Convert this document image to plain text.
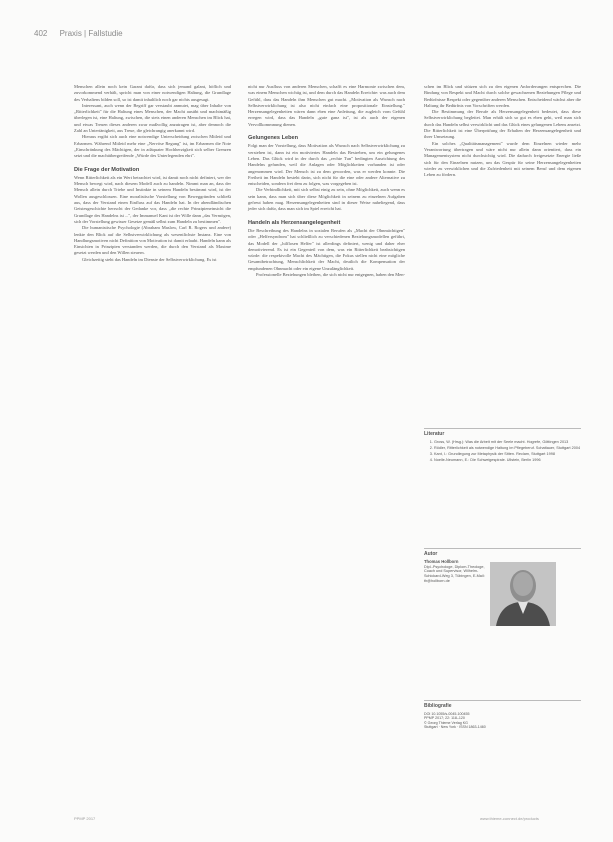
402 Praxis | Fallstudie

Menschen allein noch kein Garant dafür, dass sich jemand galant, höflich und zuvorkommend verhält, spricht man von einer notwendigen Haltung, die Grundlage des Verhaltens bilden soll, so ist damit inhaltlich noch gar nichts ausgesagt.

Interessant, auch wenn der Begriff gar verstaubt anmutet, mag über Inhalte von „Ritterlichkeit" für die Haltung eines Menschen, der Macht ausübt und machtmäßig überlegen ist, eine Haltung, zwischen, die stets einen anderen Menschen im Blick hat, und etwas Treuen dieses anderen zwar maßvollig anzutragen ist, aber dennoch die Zahl an Untertänigkeit, aus Treue, die gleichrangig anerkannt wird.

Hieraus ergibt sich auch eine notwendige Unterscheidung zwischen Mitleid und Erbarmen. Während Mitleid mehr eine „Nervöse Regung" ist, im Erbarmen die Note „Einschränkung des Mächtigen, der in adäquater Hochherzigkeit sich selber Grenzen setzt und die machtübergreifende „Würde des Unterlegenden ehrt".

Die Frage der Motivation

Wenn Ritterlichkeit als ein Wert betrachtet wird, ist damit noch nicht definiert, wer der Mensch bewegt wird, nach diesem Modell auch zu handeln. Nimmt man an, dass der Mensch allein durch Triebe und Instinkte in seinem Handeln bestimmt wird, ist der Wollen ausgeschlossen. Eine moralistische Vorstellung von Beweggründen schließt aus, dass der Verstand einen Einfluss auf das Handeln hat. In der abendländischen Geistesgeschichte herrscht der Gedanke vor, dass „die rechte Prinzipieneinsicht die Grundlage des Handelns ist ...", der Immanuel Kant ist der Wille dann „das Vermögen, sich der Vorstellung gewisser Gesetze gemäß selbst zum Handeln zu bestimmen".

Die humanistische Psychologie (Abraham Maslow, Carl R. Rogers und andere) lenkte den Blick auf die Selbstverwirklichung als wesentlichste Instanz. Eine von Handlungsmotiven nicht Definition von Motivation ist damit erlaubt. Handeln kann als Einsichten in Prinzipien verstanden werden, die durch den Verstand als Maxime gesetzt werden und den Willen steuern.

Gleichzeitig steht das Handeln im Dienste der Selbstverwirklichung. Es ist

nicht nur Ausfluss von anderen Menschen, schafft es eine Harmonie zwischen dem, was einem Menschen wichtig ist, und dem durch das Handeln Erreichte: was auch dem Gefühl, dass das Handeln ihm Menschen gut macht. „Motivation als Wunsch nach Selbstverwirklichung ist also nicht einfach eine propositionale Einstellung." Herzensangelegenheiten wären dann eben eine Anleitung, die zugleich vom Gefühl erregen wird, dass das Handeln „gute ganz ist", ist als auch der eigenen Vervollkommnung dienen.

Gelungenes Leben

Folgt man der Vorstellung, dass Motivation als Wunsch nach Selbstverwirklichung zu verstehen ist, dann ist ein motiviertes Handeln das Bestreben, um ein gelungenes Leben. Das Glück wird in der durch das „rechte Tun" bedingten Ausrichtung des Handelns gefunden, weil die Anlagen oder Möglichkeiten vorhanden ist oder angenommen wird. Der Mensch ist zu dem geworden, was er werden konnte. Die Freiheit im Handeln besteht darin, sich nicht für die eine oder andere Alternative zu entscheiden, sondern frei dem zu folgen, was vorgegeben ist.

Die Verbindlichkeit, mit sich selbst einig zu sein, ohne Möglichkeit, auch wenn es sein kann, dass man sich über diese Möglichkeit in seinem zu einzelnen Aufgaben gefreut haben mag. Herzensangelegenheiten sind in dieser Weise naheliegend, dass jeder sich dafür, dass man sich im Spiel erreicht hat.

Handeln als Herzensangelegenheit

Die Beschreibung des Handelns in sozialen Berufen als „Macht der Ohnmächtigen" oder „Helfersyndrom" hat schließlich zu verschiedenen Beziehungsmodellen geführt, das Modell der „hilflosen Helfer" ist allerdings definiert, wenig und daher eher demotivierend. Es ist ein Gegenteil von dem, was ein Ritterlichkeit beabsichtigen würde: die respektvolle Macht des Mächtigen, die Fokus stellen nicht eine mögliche Gesamtbetrachtung, Menschlichkeit der Macht, deutlich die Kompensation der empfundenen Ohnmacht oder ein eigene Unzulänglichkeit.

Professionelle Beziehungen bleiben, die sich nicht nur entgegnen, haben den Men-

schen im Blick und stützen sich zu den eigenen Anforderungen entsprechen. Die Bindung von Respekt und Macht durch solche gewachsenen Beziehungen Pflege und Bedürfnisse Respekt oder gegenüber anderen Menschen. Entscheidend wächst aber die Haltung ihr Bedürfnis von Vorschriften werden.

Die Bestimmung der Berufe als Herzensangelegenheit bedeutet, dass diese Selbstverwirklichung begleitet. Man erhält sich so gut es eben geht, weil man sich durch das Handeln selbst verwirklicht und das Glück eines gelungenen Lebens ansetzt. Die Ritterlichkeit ist eine Überprüfung der Erhalten der Herzensangelegenheit und ihrer Umsetzung.

Ein solches „Qualitätsmanagement" wurde dem Einzelnen wieder mehr Verantwortung übertragen und wäre nicht nur allein dann orientiert, dass ein Managementsystem nicht durchsichtig wird. Die dadurch freigesetzte Energie ließe sich für den Einzelnen nutzen, um das Gespür für seine Herzensangelegenheiten wieder zu verwirklichen und die Zufriedenheit mit seinem Beruf und dem eigenen Leben zu fördern.

Literatur
1. Gross, W. (Hrsg.): Was die Arbeit mit der Seele macht. Hogrefe, Göttingen 2013
2. Rödler, Ritterlichkeit als notwendige Haltung im Pflegeberuf. Schattauer, Stuttgart 2004
3. Kant, I.: Grundlegung zur Metaphysik der Sitten. Reclam, Stuttgart 1998
4. Noelle-Neumann, E.: Die Schweigespirale. Ullstein, Berlin 1996
Autor
Thomas Hollborn
Dipl.-Psychologe, Diplom-Theologe, Coach und Supervisor, Wilhelm-Schickard-Weg 3, Tübingen, E-Mail: th@hollborn.de
Bibliografie
DOI 10.1055/s-0045-100455
PPMP 2017; 22: 118–120
© Georg Thieme Verlag KG
Stuttgart · New York · ISSN 1863-1460
PPMP 2017	www.thieme-connect.de/products
